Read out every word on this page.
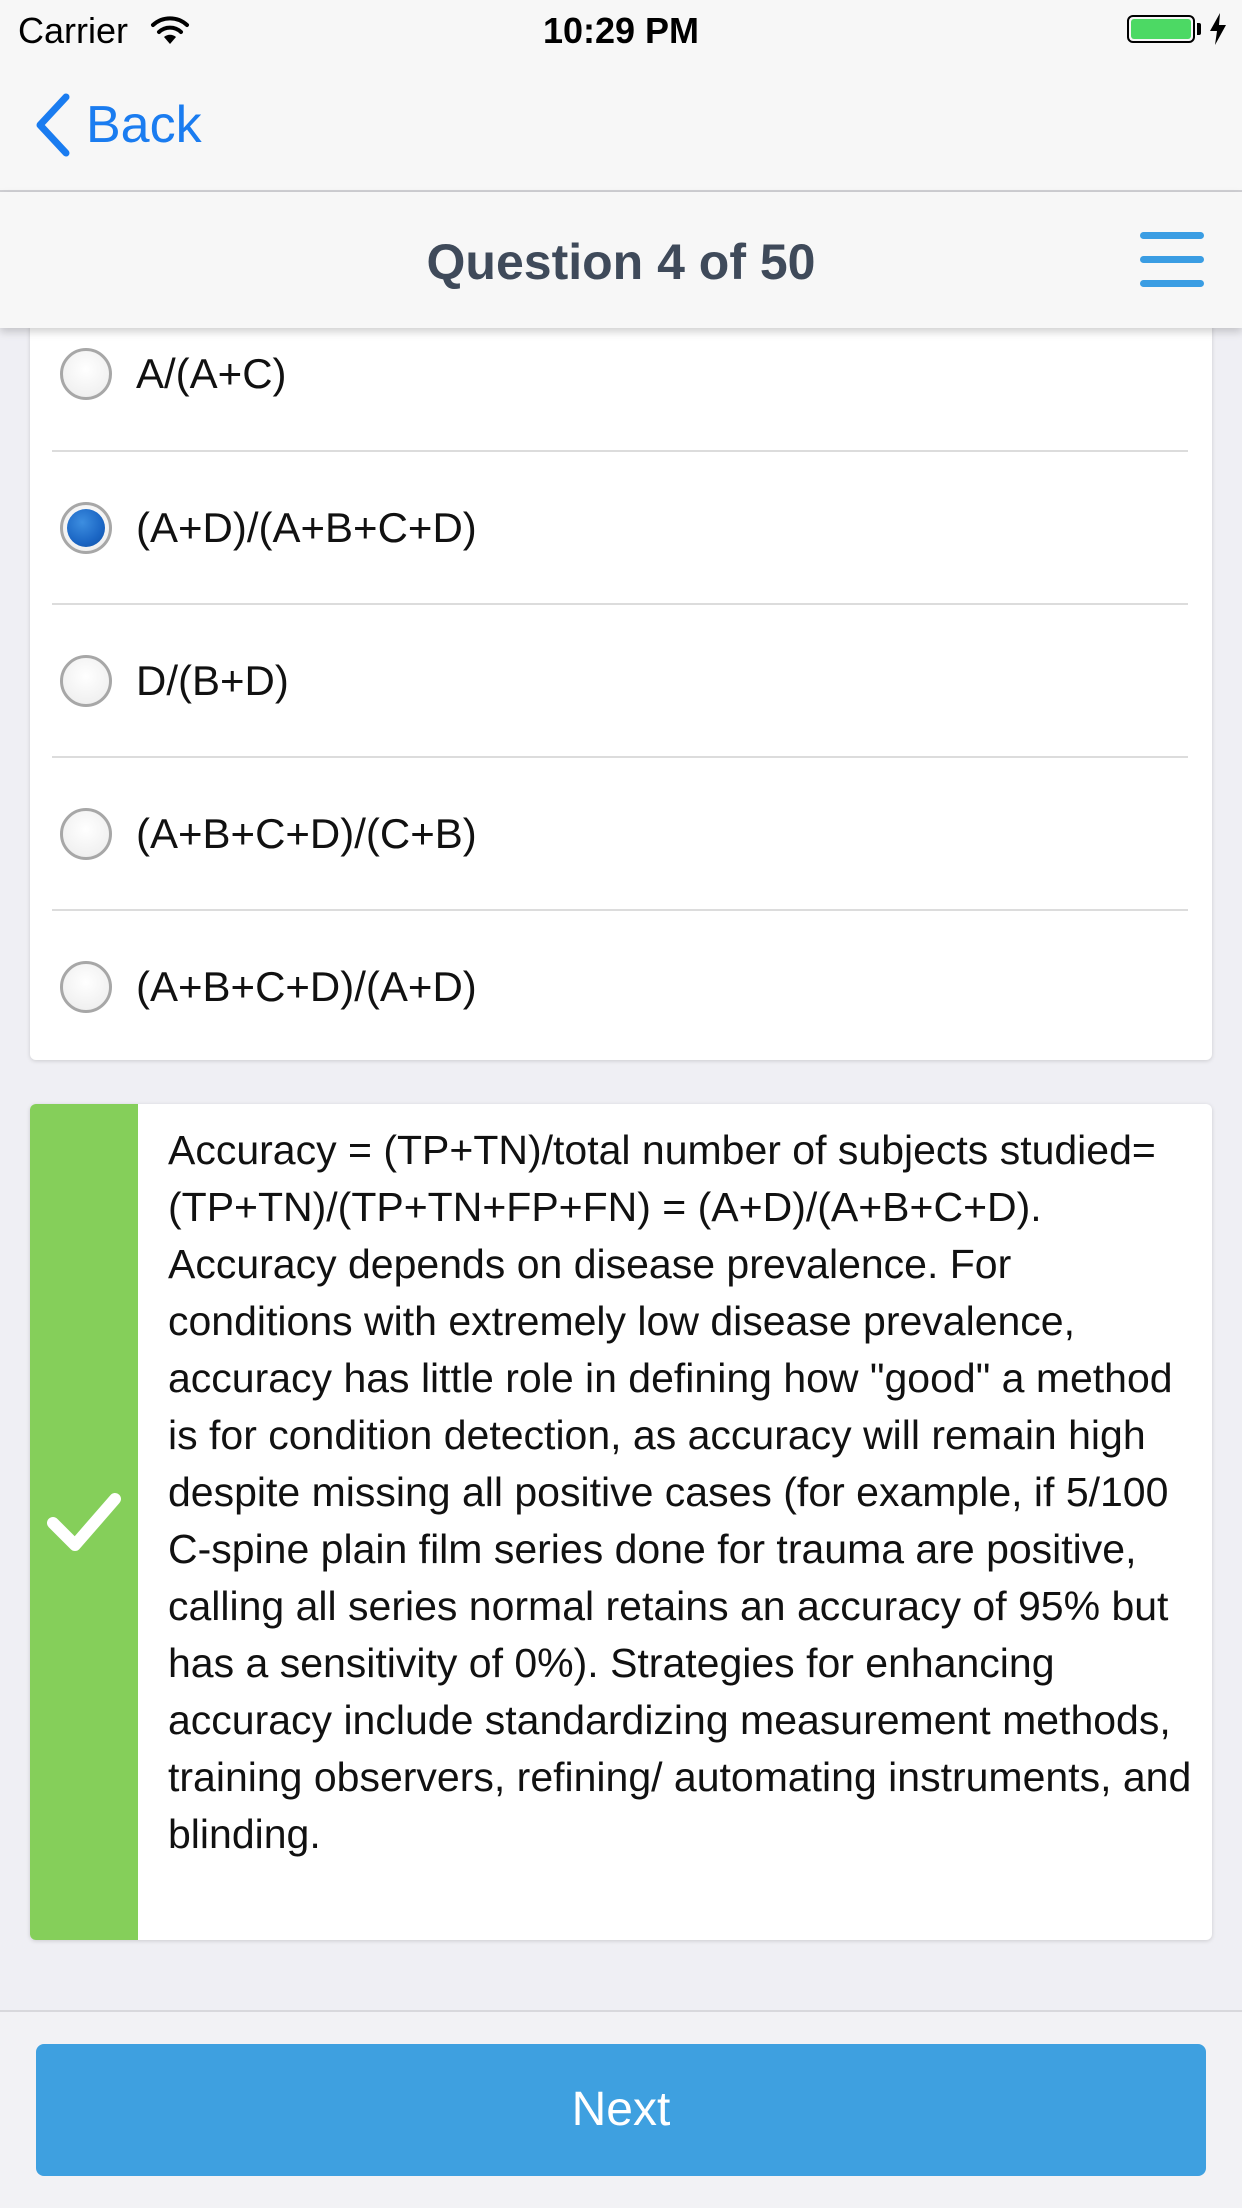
Carrier	10:29 PM
Back
Question 4 of 50
A/(A+C)
(A+D)/(A+B+C+D)
D/(B+D)
(A+B+C+D)/(C+B)
(A+B+C+D)/(A+D)
Accuracy = (TP+TN)/total number of subjects studied= (TP+TN)/(TP+TN+FP+FN) = (A+D)/(A+B+C+D). Accuracy depends on disease prevalence. For conditions with extremely low disease prevalence, accuracy has little role in defining how "good" a method is for condition detection, as accuracy will remain high despite missing all positive cases (for example, if 5/100 C-spine plain film series done for trauma are positive, calling all series normal retains an accuracy of 95% but has a sensitivity of 0%). Strategies for enhancing accuracy include standardizing measurement methods, training observers, refining/ automating instruments, and blinding.
Next
